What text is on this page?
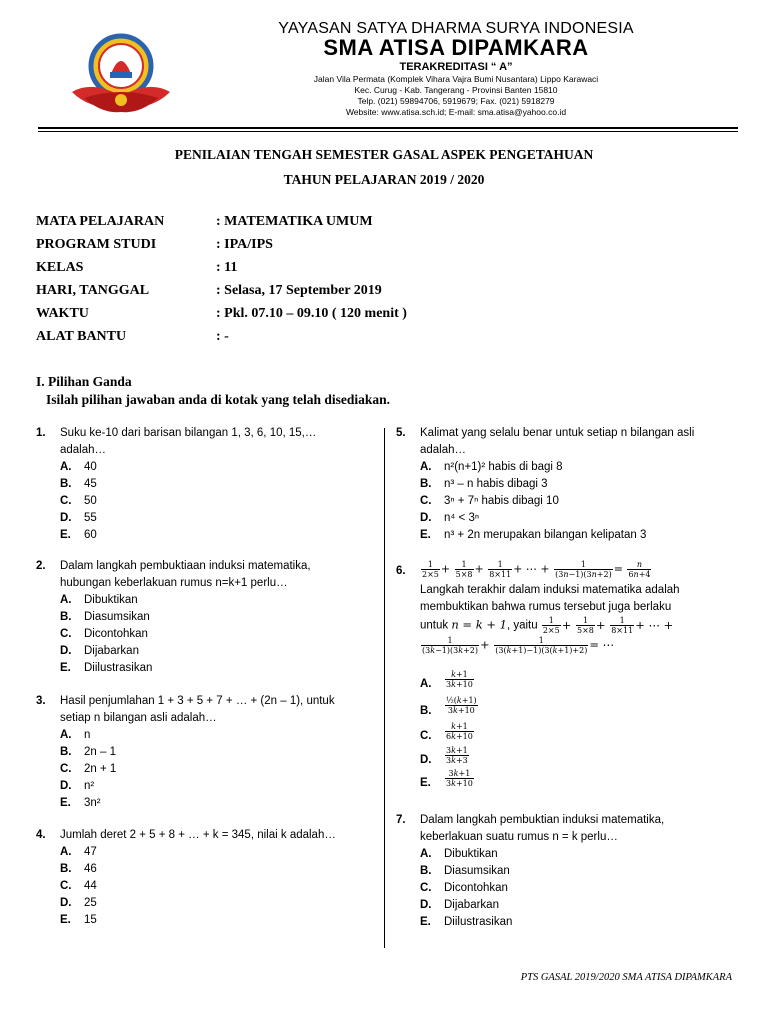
YAYASAN SATYA DHARMA SURYA INDONESIA
SMA ATISA DIPAMKARA
TERAKREDITASI “ A”
Jalan Vila Permata (Komplek Vihara Vajra Bumi Nusantara) Lippo Karawaci
Kec. Curug - Kab. Tangerang - Provinsi Banten 15810
Telp. (021) 59894706, 5919679; Fax. (021) 5918279
Website: www.atisa.sch.id; E-mail: sma.atisa@yahoo.co.id
PENILAIAN TENGAH SEMESTER GASAL ASPEK PENGETAHUAN
TAHUN PELAJARAN 2019 / 2020
MATA PELAJARAN	: MATEMATIKA UMUM
PROGRAM STUDI	: IPA/IPS
KELAS	: 11
HARI, TANGGAL	: Selasa, 17 September 2019
WAKTU	: Pkl. 07.10 – 09.10 ( 120 menit )
ALAT BANTU	: -
I. Pilihan Ganda
Isilah pilihan jawaban anda di kotak yang telah disediakan.
1. Suku ke-10 dari barisan bilangan 1, 3, 6, 10, 15,…
adalah…
A. 40
B. 45
C. 50
D. 55
E. 60
2. Dalam langkah pembuktiaan induksi matematika,
hubungan keberlakuan rumus n=k+1 perlu…
A. Dibuktikan
B. Diasumsikan
C. Dicontohkan
D. Dijabarkan
E. Diilustrasikan
3. Hasil penjumlahan 1 + 3 + 5 + 7 + … + (2n – 1), untuk
setiap n bilangan asli adalah…
A. n
B. 2n – 1
C. 2n + 1
D. n²
E. 3n²
4. Jumlah deret 2 + 5 + 8 + … + k = 345, nilai k adalah…
A. 47
B. 46
C. 44
D. 25
E. 15
5. Kalimat yang selalu benar untuk setiap n bilangan asli
adalah…
A. n²(n+1)² habis di bagi 8
B. n³ – n habis dibagi 3
C. 3ⁿ + 7ⁿ habis dibagi 10
D. n⁴ < 3ⁿ
E. n³ + 2n merupakan bilangan kelipatan 3
6. $\frac{1}{2\times 5} + \frac{1}{5\times 8} + \frac{1}{8\times 11}$ + ⋯ + $\frac{1}{(3n-1)(3n+2)} = \frac{n}{6n+4}$
Langkah terakhir dalam induksi matematika adalah
membuktikan bahwa rumus tersebut juga berlaku
untuk n = k + 1, yaitu $\frac{1}{2\times 5} + \frac{1}{5\times 8} + \frac{1}{8\times 11}$ + ⋯ +
$\frac{1}{(3k-1)(3k+2)} + \frac{1}{(3(k+1)-1)(3(k+1)+2)}$ = ⋯
A. $\frac{k+1}{3k+10}$
B. $\frac{\text{½(k+1)}}{3k+10}$
C. $\frac{k+1}{6k+10}$
D. $\frac{3k+1}{3k+3}$
E. $\frac{3k+1}{3k+10}$
7. Dalam langkah pembuktian induksi matematika,
keberlakuan suatu rumus n = k perlu…
A. Dibuktikan
B. Diasumsikan
C. Dicontohkan
D. Dijabarkan
E. Diilustrasikan
PTS GASAL 2019/2020 SMA ATISA DIPAMKARA
